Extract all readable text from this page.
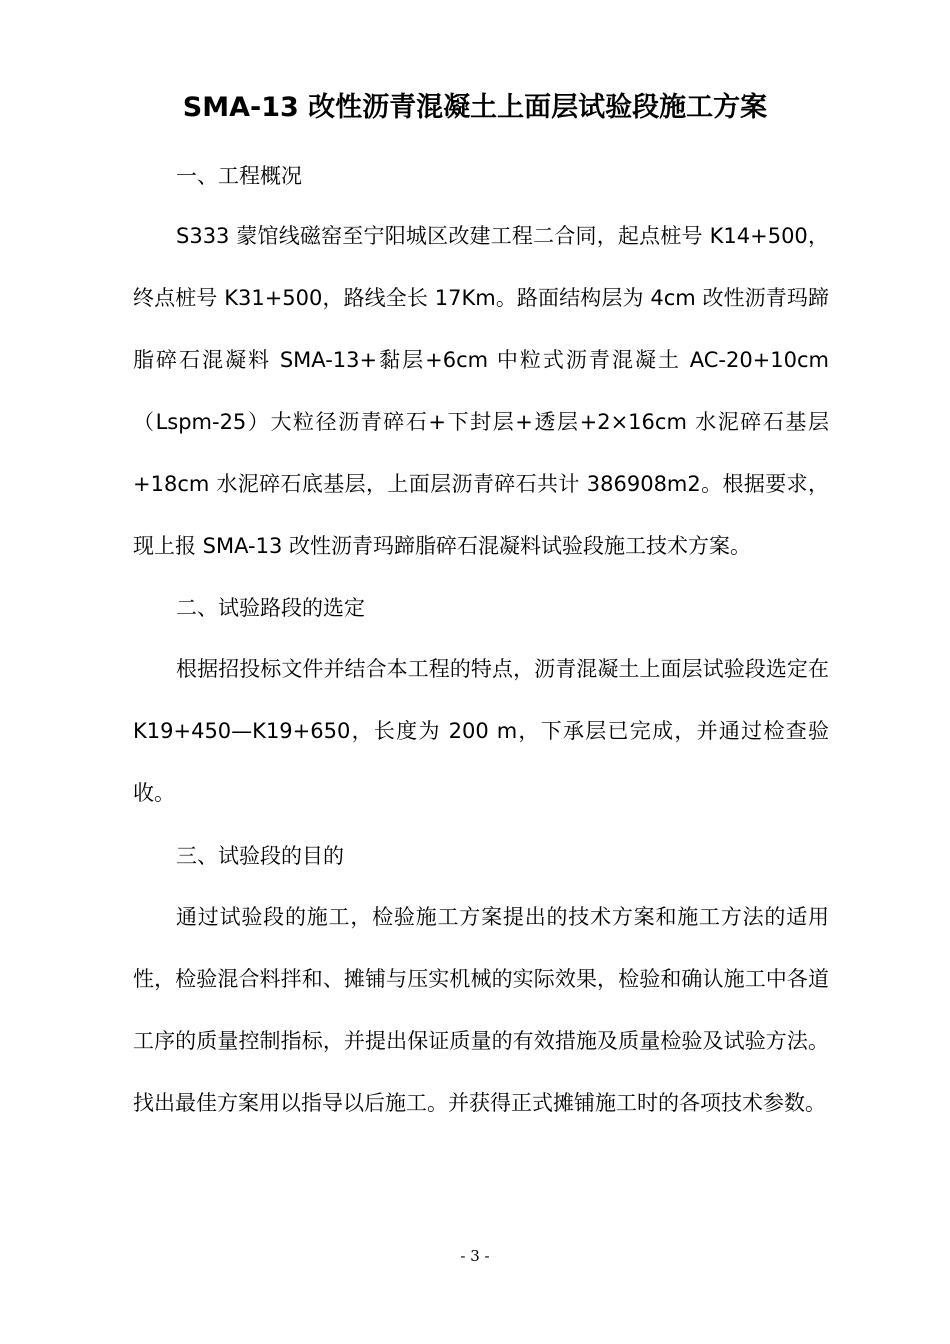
SMA-13 改性沥青混凝土上面层试验段施工方案
一、工程概况

S333 蒙馆线磁窑至宁阳城区改建工程二合同，起点桩号 K14+500，终点桩号 K31+500，路线全长 17Km。路面结构层为 4cm 改性沥青玛蹄脂碎石混凝料 SMA-13+黏层+6cm 中粒式沥青混凝土 AC-20+10cm（Lspm-25）大粒径沥青碎石+下封层+透层+2×16cm 水泥碎石基层+18cm 水泥碎石底基层，上面层沥青碎石共计 386908m2。根据要求，现上报 SMA-13 改性沥青玛蹄脂碎石混凝料试验段施工技术方案。

二、试验路段的选定

根据招投标文件并结合本工程的特点，沥青混凝土上面层试验段选定在 K19+450—K19+650，长度为 200 m，下承层已完成，并通过检查验收。

三、试验段的目的

通过试验段的施工，检验施工方案提出的技术方案和施工方法的适用性，检验混合料拌和、摊铺与压实机械的实际效果，检验和确认施工中各道工序的质量控制指标，并提出保证质量的有效措施及质量检验及试验方法。找出最佳方案用以指导以后施工。并获得正式摊铺施工时的各项技术参数。

- 3 -
